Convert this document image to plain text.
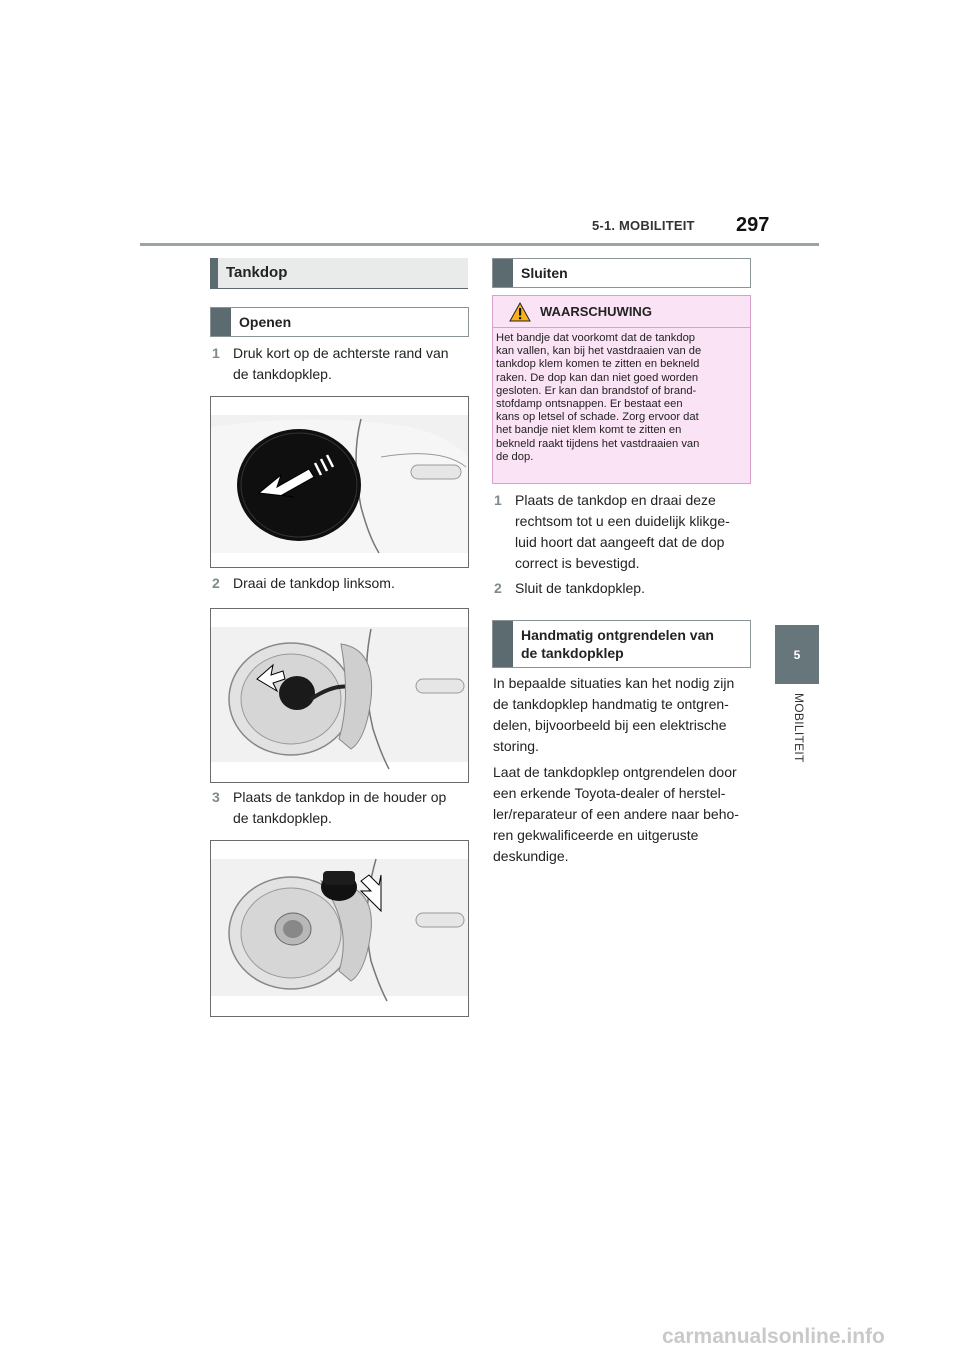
5-1. MOBILITEIT 297
5
MOBILITEIT
Tankdop
Openen
1 Druk kort op de achterste rand van
de tankdopklep.
2 Draai de tankdop linksom.
3 Plaats de tankdop in de houder op
de tankdopklep.
Sluiten
WAARSCHUWING
Het bandje dat voorkomt dat de tankdop
kan vallen, kan bij het vastdraaien van de
tankdop klem komen te zitten en bekneld
raken. De dop kan dan niet goed worden
gesloten. Er kan dan brandstof of brand-
stofdamp ontsnappen. Er bestaat een
kans op letsel of schade. Zorg ervoor dat
het bandje niet klem komt te zitten en
bekneld raakt tijdens het vastdraaien van
de dop.
1 Plaats de tankdop en draai deze
rechtsom tot u een duidelijk klikge-
luid hoort dat aangeeft dat de dop
correct is bevestigd.
2 Sluit de tankdopklep.
Handmatig ontgrendelen van
de tankdopklep
In bepaalde situaties kan het nodig zijn
de tankdopklep handmatig te ontgren-
delen, bijvoorbeeld bij een elektrische
storing.
Laat de tankdopklep ontgrendelen door
een erkende Toyota-dealer of herstel-
ler/reparateur of een andere naar beho-
ren gekwalificeerde en uitgeruste
deskundige.
carmanualsonline.info
